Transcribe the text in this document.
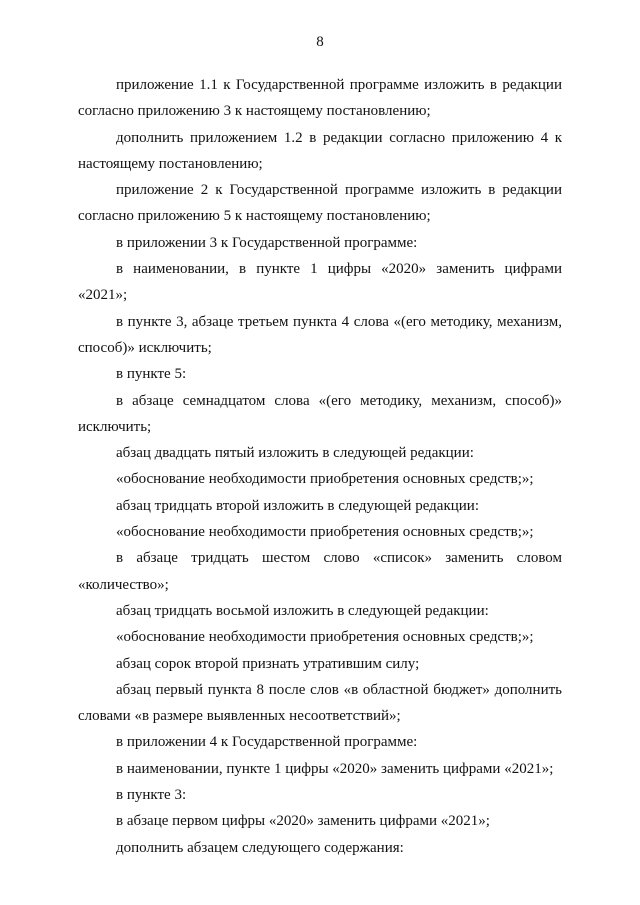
8

приложение 1.1 к Государственной программе изложить в редакции согласно приложению 3 к настоящему постановлению;

дополнить приложением 1.2 в редакции согласно приложению 4 к настоящему постановлению;

приложение 2 к Государственной программе изложить в редакции согласно приложению 5 к настоящему постановлению;

в приложении 3 к Государственной программе:

в наименовании, в пункте 1 цифры «2020» заменить цифрами «2021»;

в пункте 3, абзаце третьем пункта 4 слова «(его методику, механизм, способ)» исключить;

в пункте 5:

в абзаце семнадцатом слова «(его методику, механизм, способ)» исключить;

абзац двадцать пятый изложить в следующей редакции:

«обоснование необходимости приобретения основных средств;»;

абзац тридцать второй изложить в следующей редакции:

«обоснование необходимости приобретения основных средств;»;

в абзаце тридцать шестом слово «список» заменить словом «количество»;

абзац тридцать восьмой изложить в следующей редакции:

«обоснование необходимости приобретения основных средств;»;

абзац сорок второй признать утратившим силу;

абзац первый пункта 8 после слов «в областной бюджет» дополнить словами «в размере выявленных несоответствий»;

в приложении 4 к Государственной программе:

в наименовании, пункте 1 цифры «2020» заменить цифрами «2021»;

в пункте 3:

в абзаце первом цифры «2020» заменить цифрами «2021»;

дополнить абзацем следующего содержания:
